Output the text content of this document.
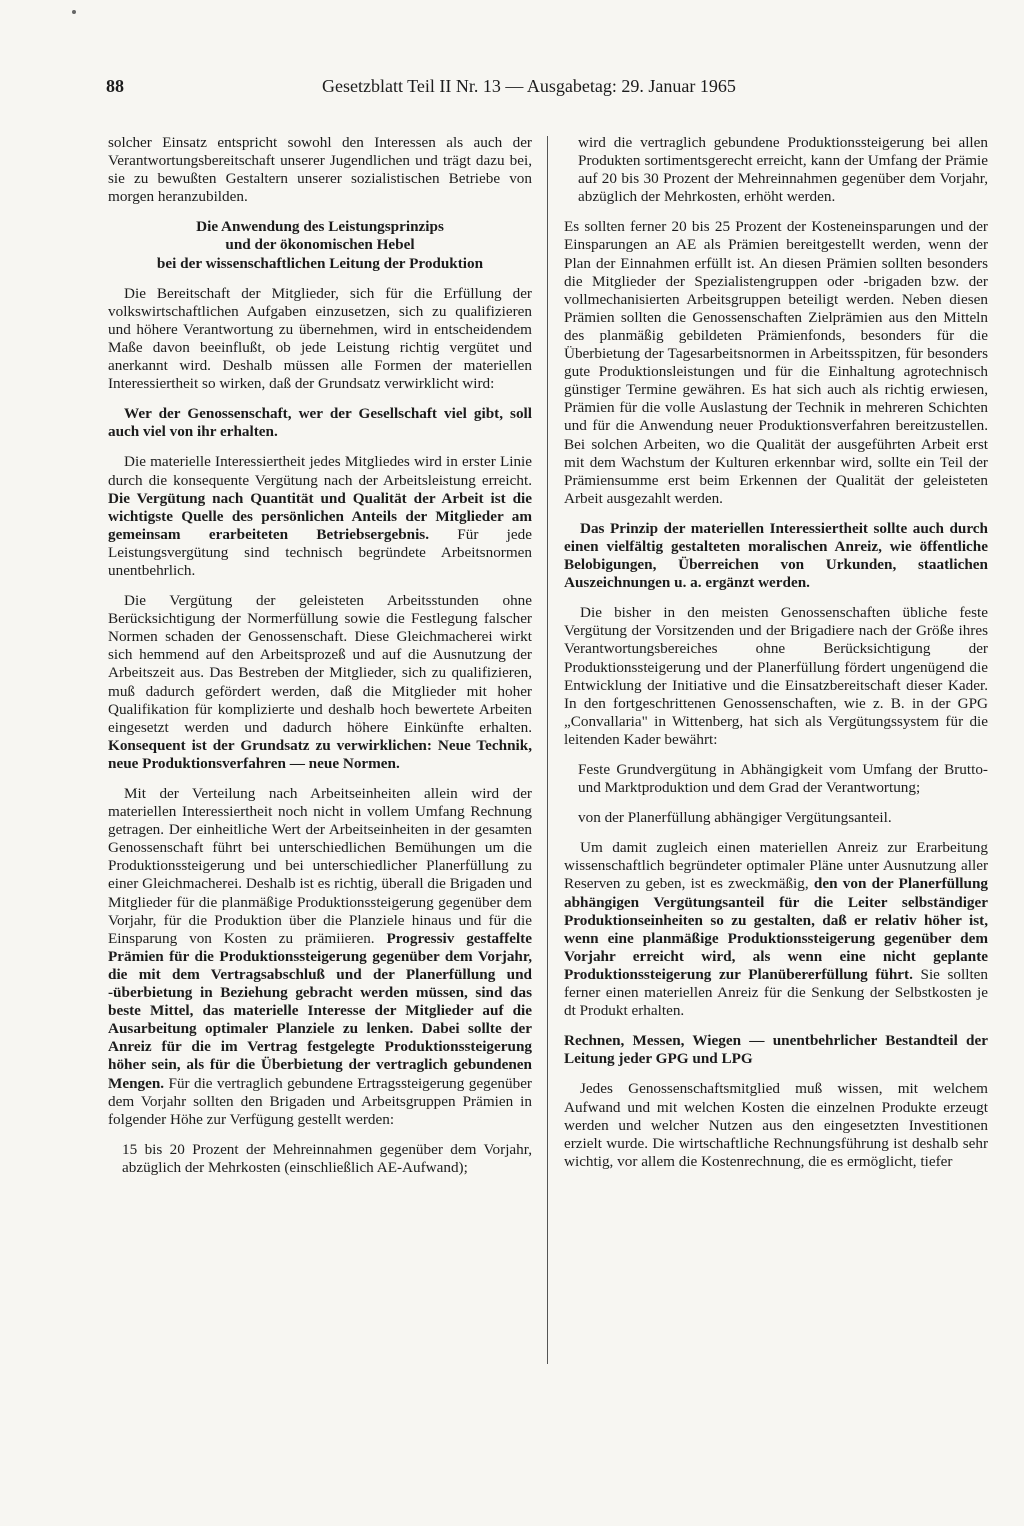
88	Gesetzblatt Teil II Nr. 13 — Ausgabetag: 29. Januar 1965

solcher Einsatz entspricht sowohl den Interessen als auch der Verantwortungsbereitschaft unserer Jugendlichen und trägt dazu bei, sie zu bewußten Gestaltern unserer sozialistischen Betriebe von morgen heranzubilden.

Die Anwendung des Leistungsprinzips
und der ökonomischen Hebel
bei der wissenschaftlichen Leitung der Produktion

Die Bereitschaft der Mitglieder, sich für die Erfüllung der volkswirtschaftlichen Aufgaben einzusetzen, sich zu qualifizieren und höhere Verantwortung zu übernehmen, wird in entscheidendem Maße davon beeinflußt, ob jede Leistung richtig vergütet und anerkannt wird. Deshalb müssen alle Formen der materiellen Interessiertheit so wirken, daß der Grundsatz verwirklicht wird:

Wer der Genossenschaft, wer der Gesellschaft viel gibt, soll auch viel von ihr erhalten.

Die materielle Interessiertheit jedes Mitgliedes wird in erster Linie durch die konsequente Vergütung nach der Arbeitsleistung erreicht. Die Vergütung nach Quantität und Qualität der Arbeit ist die wichtigste Quelle des persönlichen Anteils der Mitglieder am gemeinsam erarbeiteten Betriebsergebnis. Für jede Leistungsvergütung sind technisch begründete Arbeitsnormen unentbehrlich.

Die Vergütung der geleisteten Arbeitsstunden ohne Berücksichtigung der Normerfüllung sowie die Festlegung falscher Normen schaden der Genossenschaft. Diese Gleichmacherei wirkt sich hemmend auf den Arbeitsprozeß und auf die Ausnutzung der Arbeitszeit aus. Das Bestreben der Mitglieder, sich zu qualifizieren, muß dadurch gefördert werden, daß die Mitglieder mit hoher Qualifikation für komplizierte und deshalb hoch bewertete Arbeiten eingesetzt werden und dadurch höhere Einkünfte erhalten. Konsequent ist der Grundsatz zu verwirklichen: Neue Technik, neue Produktionsverfahren — neue Normen.

Mit der Verteilung nach Arbeitseinheiten allein wird der materiellen Interessiertheit noch nicht in vollem Umfang Rechnung getragen. Der einheitliche Wert der Arbeitseinheiten in der gesamten Genossenschaft führt bei unterschiedlichen Bemühungen um die Produktionssteigerung und bei unterschiedlicher Planerfüllung zu einer Gleichmacherei. Deshalb ist es richtig, überall die Brigaden und Mitglieder für die planmäßige Produktionssteigerung gegenüber dem Vorjahr, für die Produktion über die Planziele hinaus und für die Einsparung von Kosten zu prämiieren. Progressiv gestaffelte Prämien für die Produktionssteigerung gegenüber dem Vorjahr, die mit dem Vertragsabschluß und der Planerfüllung und -überbietung in Beziehung gebracht werden müssen, sind das beste Mittel, das materielle Interesse der Mitglieder auf die Ausarbeitung optimaler Planziele zu lenken. Dabei sollte der Anreiz für die im Vertrag festgelegte Produktionssteigerung höher sein, als für die Überbietung der vertraglich gebundenen Mengen. Für die vertraglich gebundene Ertragssteigerung gegenüber dem Vorjahr sollten den Brigaden und Arbeitsgruppen Prämien in folgender Höhe zur Verfügung gestellt werden:

15 bis 20 Prozent der Mehreinnahmen gegenüber dem Vorjahr, abzüglich der Mehrkosten (einschließlich AE-Aufwand);

wird die vertraglich gebundene Produktionssteigerung bei allen Produkten sortimentsgerecht erreicht, kann der Umfang der Prämie auf 20 bis 30 Prozent der Mehreinnahmen gegenüber dem Vorjahr, abzüglich der Mehrkosten, erhöht werden.

Es sollten ferner 20 bis 25 Prozent der Kosteneinsparungen und der Einsparungen an AE als Prämien bereitgestellt werden, wenn der Plan der Einnahmen erfüllt ist. An diesen Prämien sollten besonders die Mitglieder der Spezialistengruppen oder -brigaden bzw. der vollmechanisierten Arbeitsgruppen beteiligt werden. Neben diesen Prämien sollten die Genossenschaften Zielprämien aus den Mitteln des planmäßig gebildeten Prämienfonds, besonders für die Überbietung der Tagesarbeitsnormen in Arbeitsspitzen, für besonders gute Produktionsleistungen und für die Einhaltung agrotechnisch günstiger Termine gewähren. Es hat sich auch als richtig erwiesen, Prämien für die volle Auslastung der Technik in mehreren Schichten und für die Anwendung neuer Produktionsverfahren bereitzustellen. Bei solchen Arbeiten, wo die Qualität der ausgeführten Arbeit erst mit dem Wachstum der Kulturen erkennbar wird, sollte ein Teil der Prämiensumme erst beim Erkennen der Qualität der geleisteten Arbeit ausgezahlt werden.

Das Prinzip der materiellen Interessiertheit sollte auch durch einen vielfältig gestalteten moralischen Anreiz, wie öffentliche Belobigungen, Überreichen von Urkunden, staatlichen Auszeichnungen u. a. ergänzt werden.

Die bisher in den meisten Genossenschaften übliche feste Vergütung der Vorsitzenden und der Brigadiere nach der Größe ihres Verantwortungsbereiches ohne Berücksichtigung der Produktionssteigerung und der Planerfüllung fördert ungenügend die Entwicklung der Initiative und die Einsatzbereitschaft dieser Kader. In den fortgeschrittenen Genossenschaften, wie z. B. in der GPG „Convallaria" in Wittenberg, hat sich als Vergütungssystem für die leitenden Kader bewährt:

Feste Grundvergütung in Abhängigkeit vom Umfang der Brutto- und Marktproduktion und dem Grad der Verantwortung;

von der Planerfüllung abhängiger Vergütungsanteil.

Um damit zugleich einen materiellen Anreiz zur Erarbeitung wissenschaftlich begründeter optimaler Pläne unter Ausnutzung aller Reserven zu geben, ist es zweckmäßig, den von der Planerfüllung abhängigen Vergütungsanteil für die Leiter selbständiger Produktionseinheiten so zu gestalten, daß er relativ höher ist, wenn eine planmäßige Produktionssteigerung gegenüber dem Vorjahr erreicht wird, als wenn eine nicht geplante Produktionssteigerung zur Planübererfüllung führt. Sie sollten ferner einen materiellen Anreiz für die Senkung der Selbstkosten je dt Produkt erhalten.

Rechnen, Messen, Wiegen — unentbehrlicher Bestandteil der Leitung jeder GPG und LPG

Jedes Genossenschaftsmitglied muß wissen, mit welchem Aufwand und mit welchen Kosten die einzelnen Produkte erzeugt werden und welcher Nutzen aus den eingesetzten Investitionen erzielt wurde. Die wirtschaftliche Rechnungsführung ist deshalb sehr wichtig, vor allem die Kostenrechnung, die es ermöglicht, tiefer
